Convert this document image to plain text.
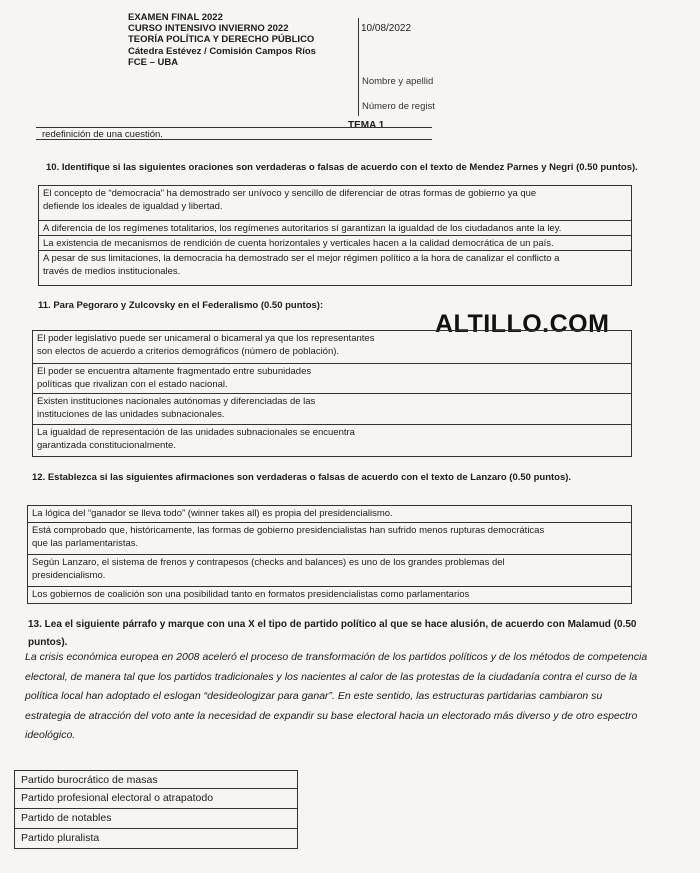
EXAMEN FINAL 2022
CURSO INTENSIVO INVIERNO 2022
TEORÍA POLÍTICA Y DERECHO PÚBLICO
Cátedra Estévez / Comisión Campos Ríos
FCE – UBA
10/08/2022
Nombre y apellid
Número de regist
TEMA 1
redefinición de una cuestión.
10. Identifique si las siguientes oraciones son verdaderas o falsas de acuerdo con el texto de Mendez Parnes y Negri (0.50 puntos).
El concepto de “democracia” ha demostrado ser unívoco y sencillo de diferenciar de otras formas de gobierno ya que
defiende los ideales de igualdad y libertad.
A diferencia de los regímenes totalitarios, los regímenes autoritarios sí garantizan la igualdad de los ciudadanos ante la ley.
La existencia de mecanismos de rendición de cuenta horizontales y verticales hacen a la calidad democrática de un país.
A pesar de sus limitaciones, la democracia ha demostrado ser el mejor régimen político a la hora de canalizar el conflicto a
través de medios institucionales.
11. Para Pegoraro y Zulcovsky en el Federalismo (0.50 puntos):
ALTILLO.COM
El poder legislativo puede ser unicameral o bicameral ya que los representantes
son electos de acuerdo a criterios demográficos (número de población).
El poder se encuentra altamente fragmentado entre subunidades
políticas que rivalizan con el estado nacional.
Existen instituciones nacionales autónomas y diferenciadas de las
instituciones de las unidades subnacionales.
La igualdad de representación de las unidades subnacionales se encuentra
garantizada constitucionalmente.
12. Establezca si las siguientes afirmaciones son verdaderas o falsas de acuerdo con el texto de Lanzaro (0.50 puntos).
La lógica del “ganador se lleva todo” (winner takes all) es propia del presidencialismo.
Está comprobado que, históricamente, las formas de gobierno presidencialistas han sufrido menos rupturas democráticas
que las parlamentaristas.
Según Lanzaro, el sistema de frenos y contrapesos (checks and balances) es uno de los grandes problemas del
presidencialismo.
Los gobiernos de coalición son una posibilidad tanto en formatos presidencialistas como parlamentarios
13. Lea el siguiente párrafo y marque con una X el tipo de partido político al que se hace alusión, de acuerdo con Malamud (0.50
puntos).
La crisis económica europea en 2008 aceleró el proceso de transformación de los partidos políticos y de los métodos de competencia
electoral, de manera tal que los partidos tradicionales y los nacientes al calor de las protestas de la ciudadanía contra el curso de la
política local han adoptado el eslogan “desideologizar para ganar”. En este sentido, las estructuras partidarias cambiaron su
estrategia de atracción del voto ante la necesidad de expandir su base electoral hacia un electorado más diverso y de otro espectro
ideológico.
Partido burocrático de masas
Partido profesional electoral o atrapatodo
Partido de notables
Partido pluralista
